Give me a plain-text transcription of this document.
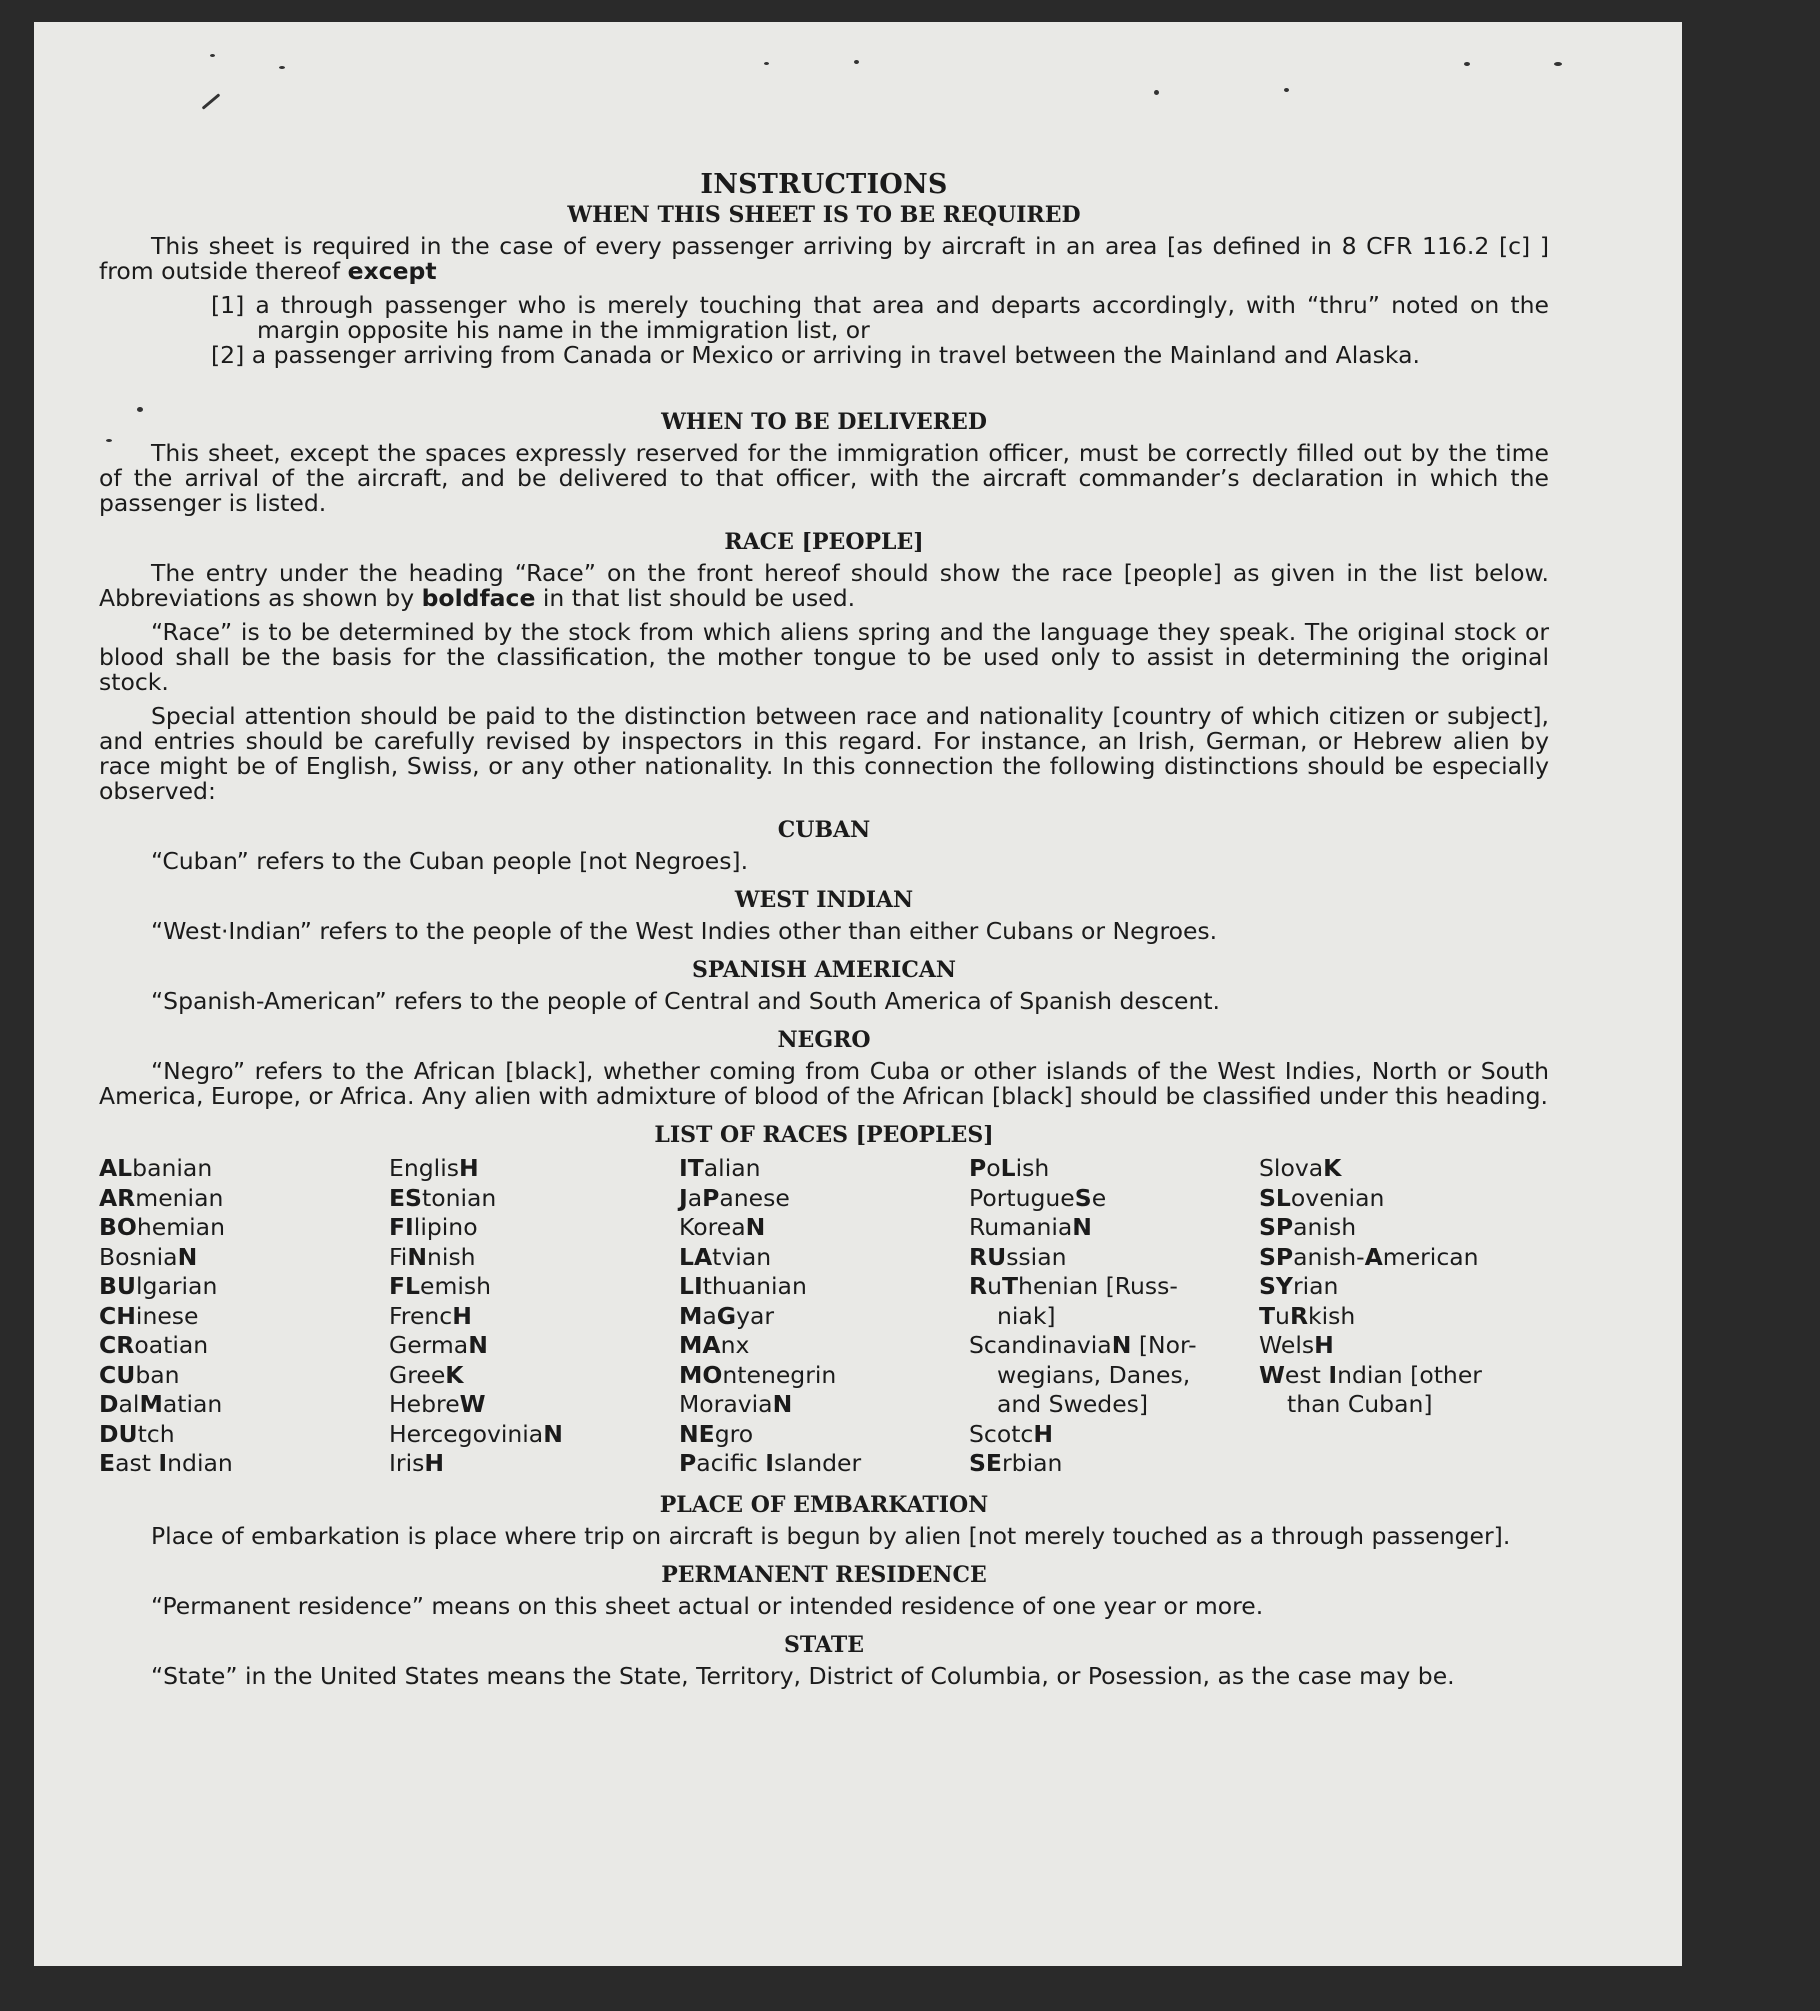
INSTRUCTIONS
WHEN THIS SHEET IS TO BE REQUIRED

This sheet is required in the case of every passenger arriving by aircraft in an area [as defined in 8 CFR 116.2 [c] ] from outside thereof except

[1] a through passenger who is merely touching that area and departs accordingly, with “thru” noted on the margin opposite his name in the immigration list, or

[2] a passenger arriving from Canada or Mexico or arriving in travel between the Mainland and Alaska.

WHEN TO BE DELIVERED

This sheet, except the spaces expressly reserved for the immigration officer, must be correctly filled out by the time of the arrival of the aircraft, and be delivered to that officer, with the aircraft commander’s declaration in which the passenger is listed.

RACE [PEOPLE]

The entry under the heading “Race” on the front hereof should show the race [people] as given in the list below. Abbreviations as shown by boldface in that list should be used.

“Race” is to be determined by the stock from which aliens spring and the language they speak. The original stock or blood shall be the basis for the classification, the mother tongue to be used only to assist in determining the original stock.

Special attention should be paid to the distinction between race and nationality [country of which citizen or subject], and entries should be carefully revised by inspectors in this regard. For instance, an Irish, German, or Hebrew alien by race might be of English, Swiss, or any other nationality. In this connection the following distinctions should be especially observed:

CUBAN

“Cuban” refers to the Cuban people [not Negroes].

WEST INDIAN

“West·Indian” refers to the people of the West Indies other than either Cubans or Negroes.

SPANISH AMERICAN

“Spanish-American” refers to the people of Central and South America of Spanish descent.

NEGRO

“Negro” refers to the African [black], whether coming from Cuba or other islands of the West Indies, North or South America, Europe, or Africa. Any alien with admixture of blood of the African [black] should be classified under this heading.

LIST OF RACES [PEOPLES]
ALbanian
ARmenian
BOhemian
BosniaN
BUlgarian
CHinese
CRoatian
CUban
DalMatian
DUtch
East Indian
EnglisH
EStonian
FIlipino
FiNnish
FLemish
FrencH
GermaN
GreeK
HebreW
HercegoviniaN
IrisH
ITalian
JaPanese
KoreaN
LAtvian
LIthuanian
MaGyar
MAnx
MOntenegrin
MoraviaN
NEgro
Pacific Islander
PoLish
PortugueSe
RumaniaN
RUssian
RuThenian [Russ-
niak]
ScandinaviaN [Nor-
wegians, Danes,
and Swedes]
ScotcH
SErbian
SlovaK
SLovenian
SPanish
SPanish-American
SYrian
TuRkish
WelsH
West Indian [other
than Cuban]
PLACE OF EMBARKATION

Place of embarkation is place where trip on aircraft is begun by alien [not merely touched as a through passenger].

PERMANENT RESIDENCE

“Permanent residence” means on this sheet actual or intended residence of one year or more.

STATE

“State” in the United States means the State, Territory, District of Columbia, or Posession, as the case may be.
